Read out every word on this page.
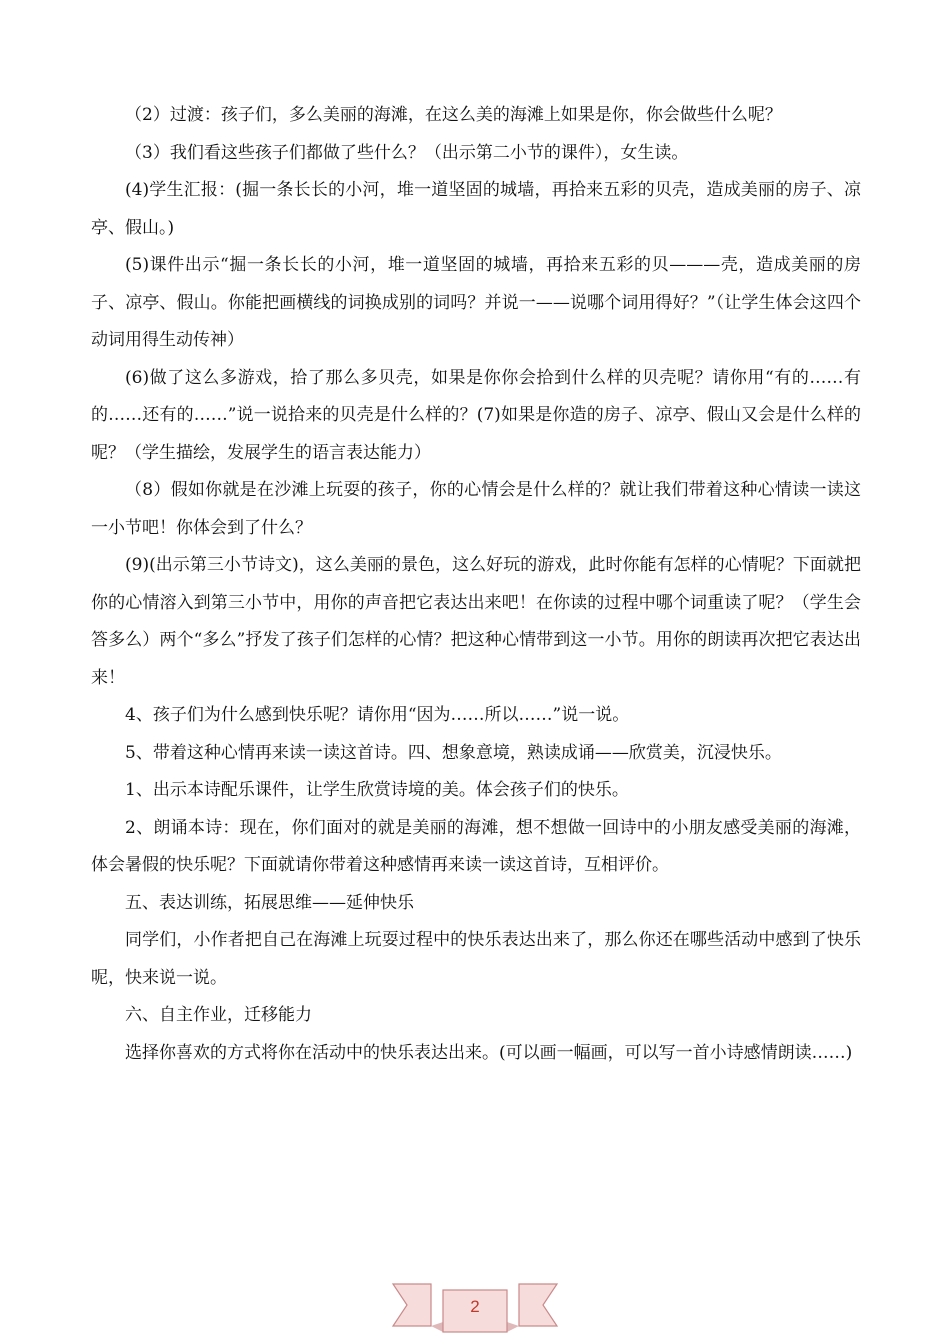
（2）过渡：孩子们，多么美丽的海滩，在这么美的海滩上如果是你，你会做些什么呢？

（3）我们看这些孩子们都做了些什么？（出示第二小节的课件），女生读。

(4)学生汇报：(掘一条长长的小河，堆一道坚固的城墙，再拾来五彩的贝壳，造成美丽的房子、凉亭、假山。)

(5)课件出示“掘一条长长的小河，堆一道坚固的城墙，再拾来五彩的贝———壳，造成美丽的房子、凉亭、假山。你能把画横线的词换成别的词吗？并说一——说哪个词用得好？”（让学生体会这四个动词用得生动传神）

(6)做了这么多游戏，拾了那么多贝壳，如果是你你会拾到什么样的贝壳呢？请你用“有的……有的……还有的……”说一说拾来的贝壳是什么样的？(7)如果是你造的房子、凉亭、假山又会是什么样的呢？（学生描绘，发展学生的语言表达能力）

（8）假如你就是在沙滩上玩耍的孩子，你的心情会是什么样的？就让我们带着这种心情读一读这一小节吧！你体会到了什么？

(9)(出示第三小节诗文)，这么美丽的景色，这么好玩的游戏，此时你能有怎样的心情呢？下面就把你的心情溶入到第三小节中，用你的声音把它表达出来吧！在你读的过程中哪个词重读了呢？（学生会答多么）两个“多么”抒发了孩子们怎样的心情？把这种心情带到这一小节。用你的朗读再次把它表达出来！

4、孩子们为什么感到快乐呢？请你用“因为……所以……”说一说。

5、带着这种心情再来读一读这首诗。四、想象意境，熟读成诵——欣赏美，沉浸快乐。

1、出示本诗配乐课件，让学生欣赏诗境的美。体会孩子们的快乐。

2、朗诵本诗：现在，你们面对的就是美丽的海滩，想不想做一回诗中的小朋友感受美丽的海滩，体会暑假的快乐呢？下面就请你带着这种感情再来读一读这首诗，互相评价。

五、表达训练，拓展思维——延伸快乐

同学们，小作者把自己在海滩上玩耍过程中的快乐表达出来了，那么你还在哪些活动中感到了快乐呢，快来说一说。

六、自主作业，迁移能力

选择你喜欢的方式将你在活动中的快乐表达出来。(可以画一幅画，可以写一首小诗感情朗读……)

2
